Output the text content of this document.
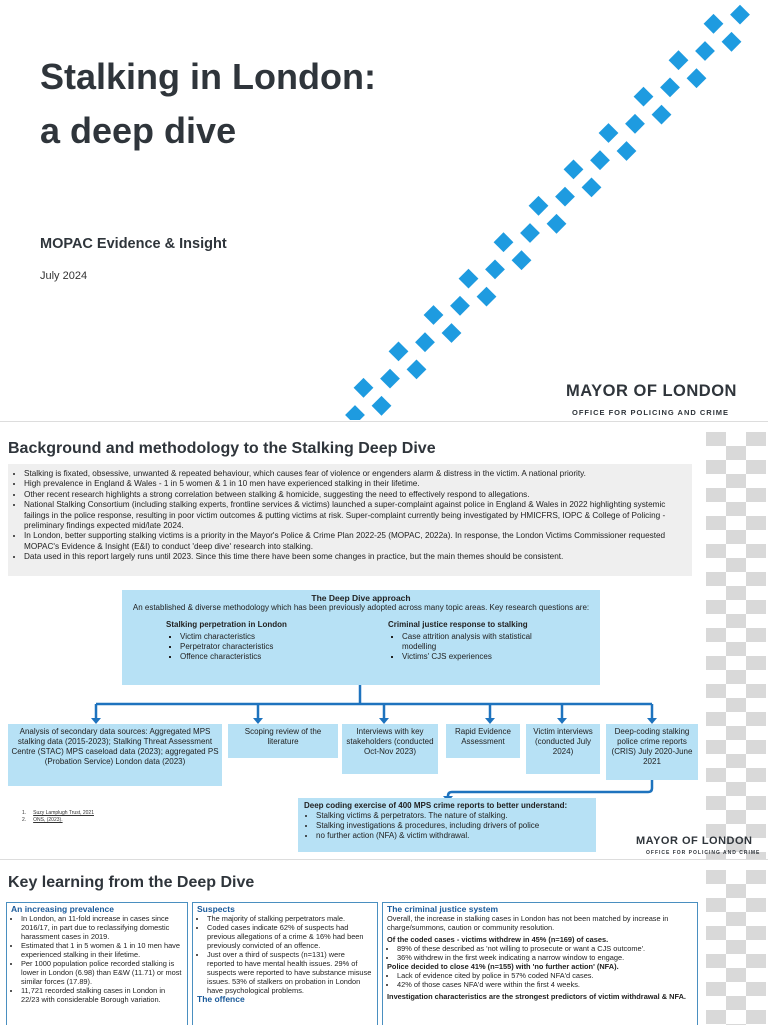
Stalking in London:
a deep dive
MOPAC Evidence & Insight
July 2024
MAYOR OF LONDON
OFFICE FOR POLICING AND CRIME
Background and methodology to the Stalking Deep Dive
• Stalking is fixated, obsessive, unwanted & repeated behaviour, which causes fear of violence or engenders alarm & distress in the victim. A national priority.
• High prevalence in England & Wales - 1 in 5 women & 1 in 10 men have experienced stalking in their lifetime.
• Other recent research highlights a strong correlation between stalking & homicide, suggesting the need to effectively respond to allegations.
• National Stalking Consortium (including stalking experts, frontline services & victims) launched a super-complaint against police in England & Wales in 2022 highlighting systemic failings in the police response, resulting in poor victim outcomes & putting victims at risk. Super-complaint currently being investigated by HMICFRS, IOPC & College of Policing - preliminary findings expected mid/late 2024.
• In London, better supporting stalking victims is a priority in the Mayor's Police & Crime Plan 2022-25 (MOPAC, 2022a). In response, the London Victims Commissioner requested MOPAC's Evidence & Insight (E&I) to conduct 'deep dive' research into stalking.
• Data used in this report largely runs until 2023. Since this time there have been some changes in practice, but the main themes should be consistent.
The Deep Dive approach
An established & diverse methodology which has been previously adopted across many topic areas. Key research questions are:
Stalking perpetration in London
▪ Victim characteristics
▪ Perpetrator characteristics
▪ Offence characteristics
Criminal justice response to stalking
▪ Case attrition analysis with statistical modelling
▪ Victims' CJS experiences
Analysis of secondary data sources: Aggregated MPS stalking data (2015-2023); Stalking Threat Assessment Centre (STAC) MPS caseload data (2023); aggregated PS (Probation Service) London data (2023)
Scoping review of the literature
Interviews with key stakeholders (conducted Oct-Nov 2023)
Rapid Evidence Assessment
Victim interviews (conducted July 2024)
Deep-coding stalking police crime reports (CRIS) July 2020-June 2021
Deep coding exercise of 400 MPS crime reports to better understand:
• Stalking victims & perpetrators. The nature of stalking.
• Stalking investigations & procedures, including drivers of police
• no further action (NFA) & victim withdrawal.
1.     Suzy Lamplugh Trust, 2021
2.     ONS, (2023).
MAYOR OF LONDON
OFFICE FOR POLICING AND CRIME
Key learning from the Deep Dive
An increasing prevalence
• In London, an 11-fold increase in cases since 2016/17, in part due to reclassifying domestic harassment cases in 2019.
• Estimated that 1 in 5 women & 1 in 10 men have experienced stalking in their lifetime.
• Per 1000 population police recorded stalking is lower in London (6.98) than E&W (11.71) or most similar forces (17.89).
• 11,721 recorded stalking cases in London in 22/23 with considerable Borough variation.
Suspects
• The majority of stalking perpetrators male.
• Coded cases indicate 62% of suspects had previous allegations of a crime & 16% had been previously convicted of an offence.
• Just over a third of suspects (n=131) were reported to have mental health issues. 29% of suspects were reported to have substance misuse issues. 53% of stalkers on probation in London have psychological problems.
The offence
The criminal justice system

Overall, the increase in stalking cases in London has not been matched by increase in charge/summons, caution or community resolution.

Of the coded cases - victims withdrew in 45% (n=169) of cases.

• 89% of these described as 'not willing to prosecute or want a CJS outcome'.
• 36% withdrew in the first week indicating a narrow window to engage.

Police decided to close 41% (n=155) with 'no further action' (NFA).

• Lack of evidence cited by police in 57% coded NFA'd cases.
• 42% of those cases NFA'd were within the first 4 weeks.

Investigation characteristics are the strongest predictors of victim withdrawal & NFA.
